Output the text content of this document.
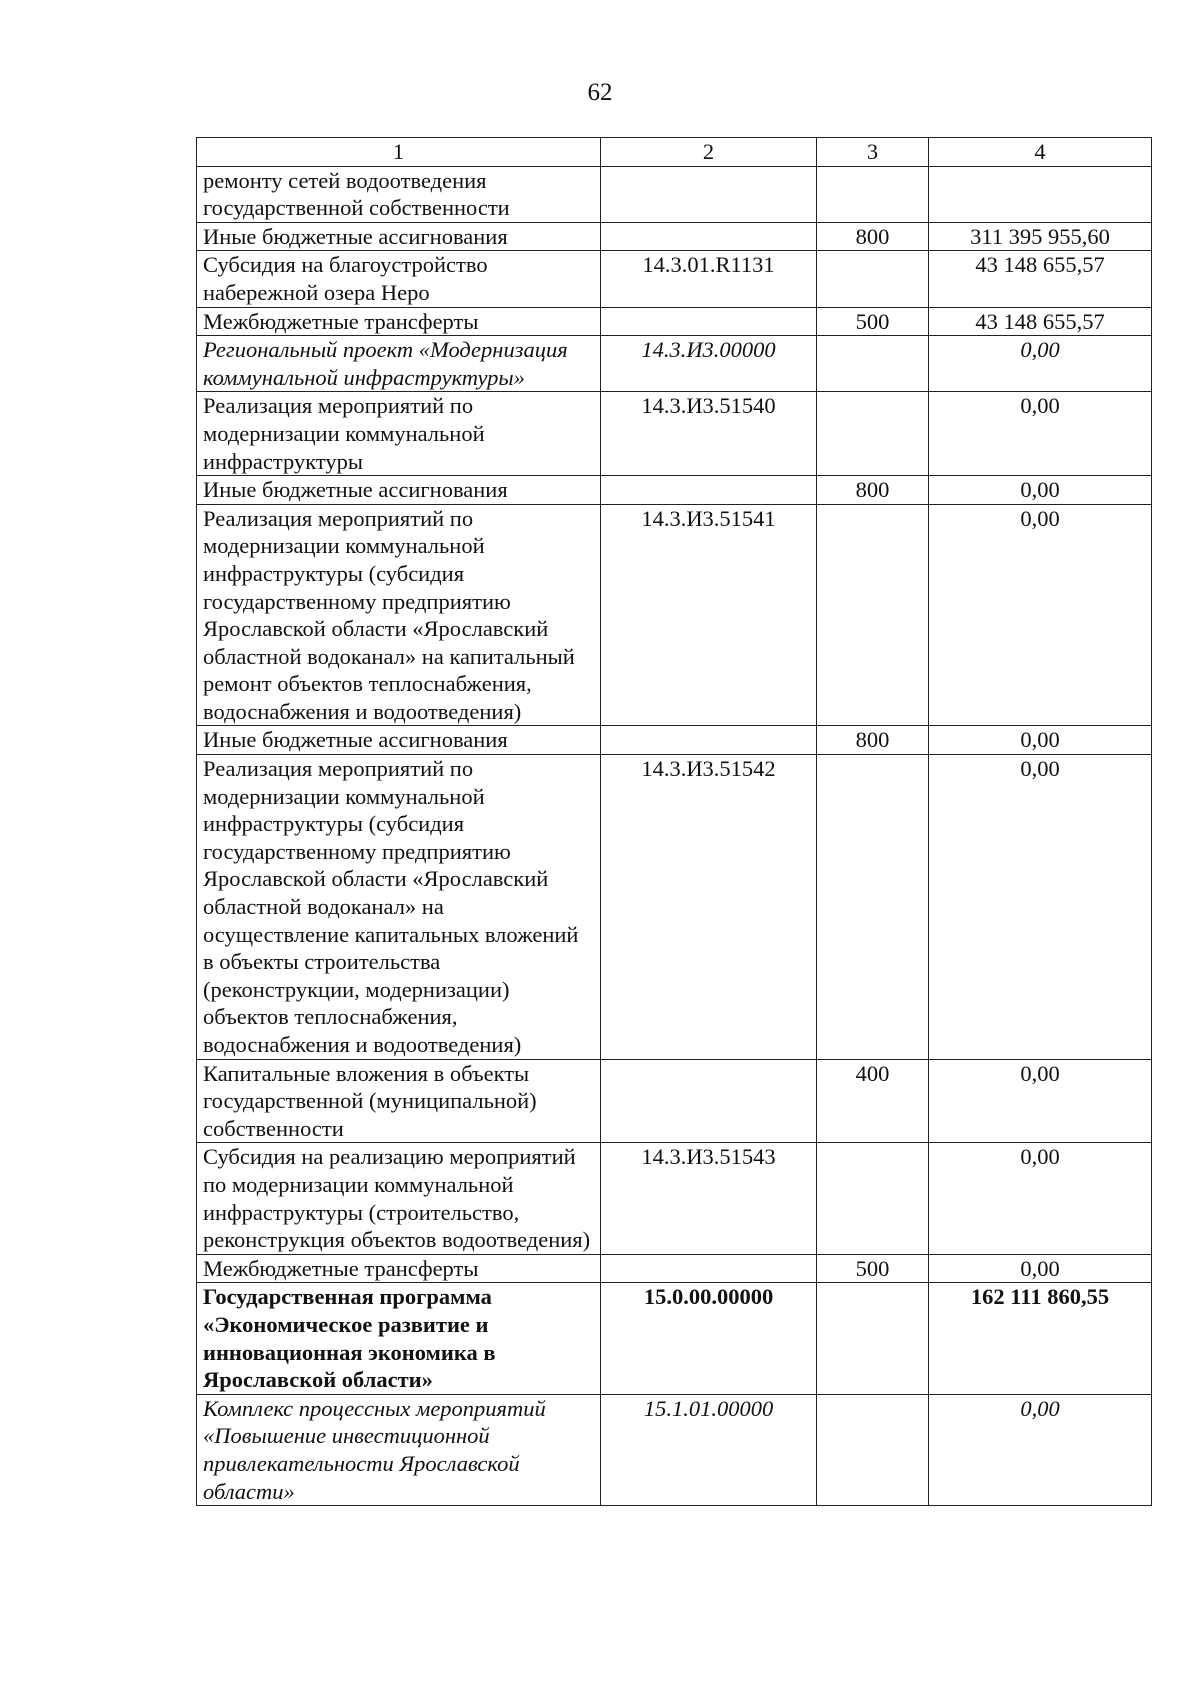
62
1	2	3	4
ремонту сетей водоотведения государственной собственности			
Иные бюджетные ассигнования		800	311 395 955,60
Субсидия на благоустройство набережной озера Неро	14.3.01.R1131		43 148 655,57
Межбюджетные трансферты		500	43 148 655,57
Региональный проект «Модернизация коммунальной инфраструктуры»	14.3.И3.00000		0,00
Реализация мероприятий по модернизации коммунальной инфраструктуры	14.3.И3.51540		0,00
Иные бюджетные ассигнования		800	0,00
Реализация мероприятий по модернизации коммунальной инфраструктуры (субсидия государственному предприятию Ярославской области «Ярославский областной водоканал» на капитальный ремонт объектов теплоснабжения, водоснабжения и водоотведения)	14.3.И3.51541		0,00
Иные бюджетные ассигнования		800	0,00
Реализация мероприятий по модернизации коммунальной инфраструктуры (субсидия государственному предприятию Ярославской области «Ярославский областной водоканал» на осуществление капитальных вложений в объекты строительства (реконструкции, модернизации) объектов теплоснабжения, водоснабжения и водоотведения)	14.3.И3.51542		0,00
Капитальные вложения в объекты государственной (муниципальной) собственности		400	0,00
Субсидия на реализацию мероприятий по модернизации коммунальной инфраструктуры (строительство, реконструкция объектов водоотведения)	14.3.И3.51543		0,00
Межбюджетные трансферты		500	0,00
Государственная программа «Экономическое развитие и инновационная экономика в Ярославской области»	15.0.00.00000		162 111 860,55
Комплекс процессных мероприятий «Повышение инвестиционной привлекательности Ярославской области»	15.1.01.00000		0,00
